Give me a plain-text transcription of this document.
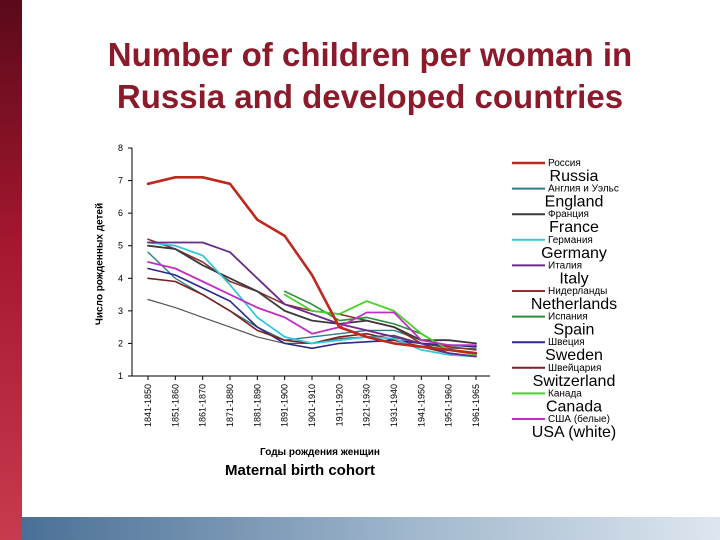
Number of children per woman in
Russia and developed countries
1
2
3
4
5
6
7
8
1841-1850 1851-1860 1861-1870 1871-1880 1881-1890 1891-1900 1901-1910 1911-1920 1921-1930 1931-1940 1941-1950 1951-1960 1961-1965
Россия
Russia
Англия и Уэльс
England
Франция
France
Германия
Germany
Италия
Italy
Нидерланды
Netherlands
Испания
Spain
Швеция
Sweden
Швейцария
Switzerland
Канада
Canada
США (белые)
USA (white)
Число рожденных детей
Годы рождения женщин
Maternal birth cohort
